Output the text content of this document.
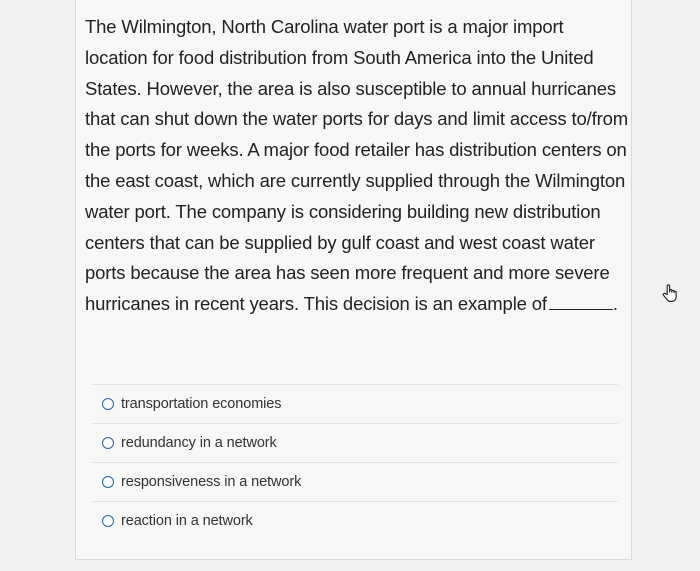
The Wilmington, North Carolina water port is a major import location for food distribution from South America into the United States. However, the area is also susceptible to annual hurricanes that can shut down the water ports for days and limit access to/from the ports for weeks. A major food retailer has distribution centers on the east coast, which are currently supplied through the Wilmington water port. The company is considering building new distribution centers that can be supplied by gulf coast and west coast water ports because the area has seen more frequent and more severe hurricanes in recent years. This decision is an example of	.

transportation economies
redundancy in a network
responsiveness in a network
reaction in a network
